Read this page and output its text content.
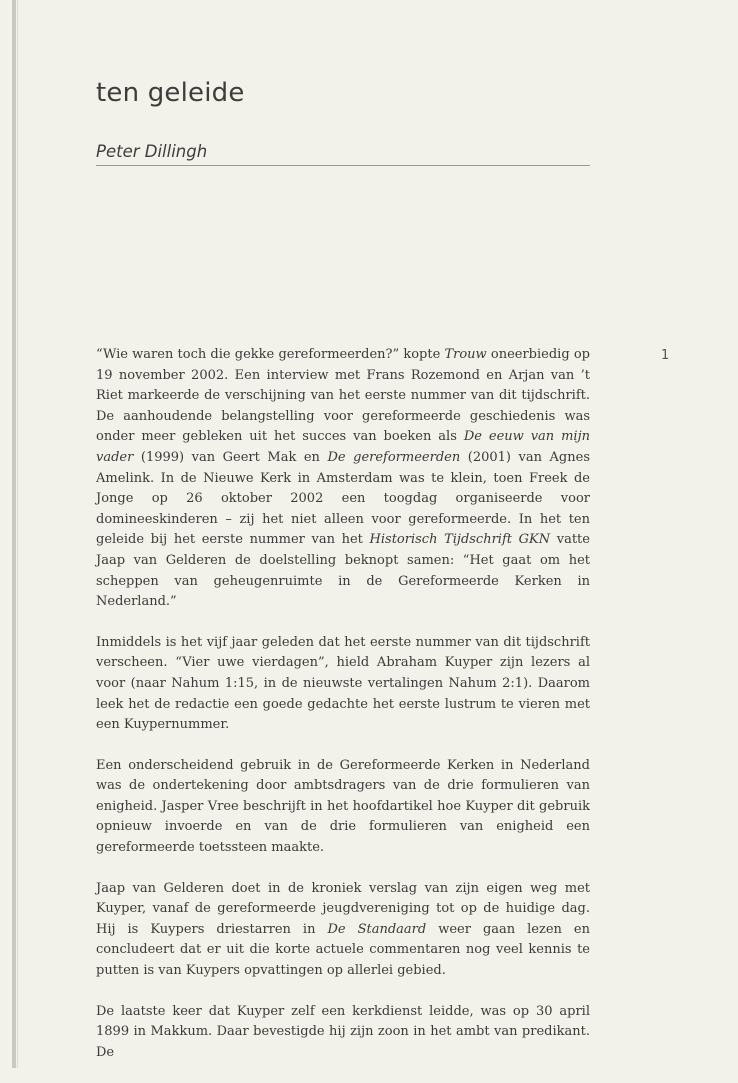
ten geleide
Peter Dillingh
1

“Wie waren toch die gekke gereformeerden?” kopte Trouw oneerbiedig op 19 november 2002. Een interview met Frans Rozemond en Arjan van ’t Riet markeerde de verschijning van het eerste nummer van dit tijdschrift. De aanhoudende belangstelling voor gereformeerde geschiedenis was onder meer gebleken uit het succes van boeken als De eeuw van mijn vader (1999) van Geert Mak en De gereformeerden (2001) van Agnes Amelink. In de Nieuwe Kerk in Amsterdam was te klein, toen Freek de Jonge op 26 oktober 2002 een toogdag organiseerde voor domineeskinderen – zij het niet alleen voor gereformeerde. In het ten geleide bij het eerste nummer van het Historisch Tijdschrift GKN vatte Jaap van Gelderen de doelstelling beknopt samen: “Het gaat om het scheppen van geheugenruimte in de Gereformeerde Kerken in Nederland.”

Inmiddels is het vijf jaar geleden dat het eerste nummer van dit tijdschrift verscheen. “Vier uwe vierdagen”, hield Abraham Kuyper zijn lezers al voor (naar Nahum 1:15, in de nieuwste vertalingen Nahum 2:1). Daarom leek het de redactie een goede gedachte het eerste lustrum te vieren met een Kuypernummer.

Een onderscheidend gebruik in de Gereformeerde Kerken in Nederland was de ondertekening door ambtsdragers van de drie formulieren van enigheid. Jasper Vree beschrijft in het hoofdartikel hoe Kuyper dit gebruik opnieuw invoerde en van de drie formulieren van enigheid een gereformeerde toetssteen maakte.

Jaap van Gelderen doet in de kroniek verslag van zijn eigen weg met Kuyper, vanaf de gereformeerde jeugdvereniging tot op de huidige dag. Hij is Kuypers driestarren in De Standaard weer gaan lezen en concludeert dat er uit die korte actuele commentaren nog veel kennis te putten is van Kuypers opvattingen op allerlei gebied.

De laatste keer dat Kuyper zelf een kerkdienst leidde, was op 30 april 1899 in Makkum. Daar bevestigde hij zijn zoon in het ambt van predikant. De
